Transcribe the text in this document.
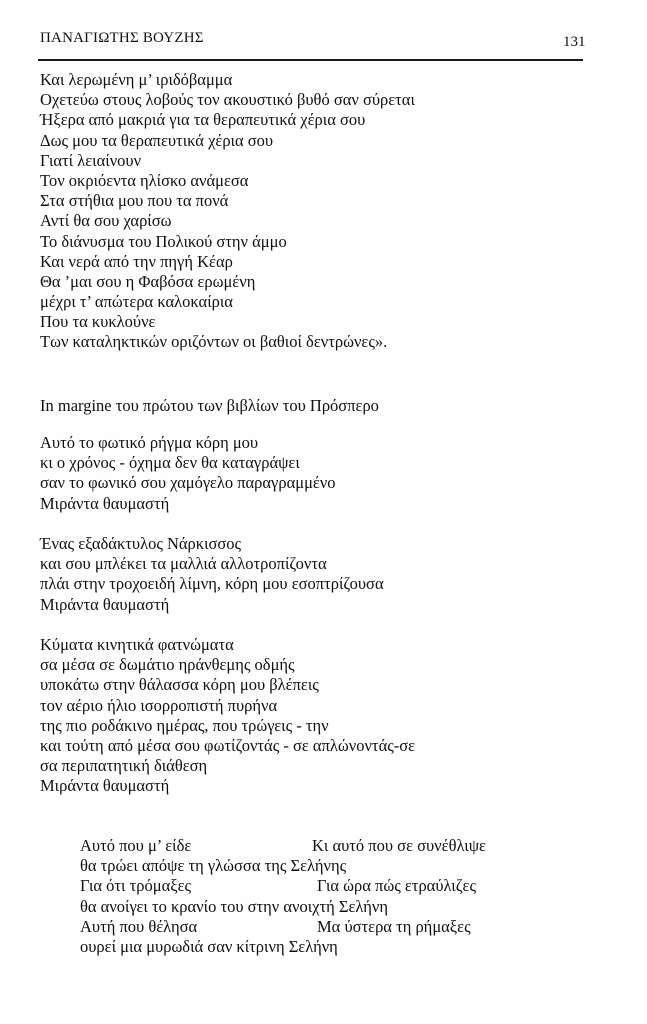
ΠΑΝΑΓΙΩΤΗΣ ΒΟΥΖΗΣ	131
Και λερωμένη μ’ ιριδόβαμμα
Οχετεύω στους λοβούς τον ακουστικό βυθό σαν σύρεται
Ήξερα από μακριά για τα θεραπευτικά χέρια σου
Δως μου τα θεραπευτικά χέρια σου
Γιατί λειαίνουν
Τον οκριόεντα ηλίσκο ανάμεσα
Στα στήθια μου που τα πονά
Αντί θα σου χαρίσω
Το διάνυσμα του Πολικού στην άμμο
Και νερά από την πηγή Κέαρ
Θα ’μαι σου η Φαβόσα ερωμένη
μέχρι τ’ απώτερα καλοκαίρια
Που τα κυκλούνε
Των καταληκτικών οριζόντων οι βαθιοί δεντρώνες».
In margine του πρώτου των βιβλίων του Πρόσπερο
Αυτό το φωτικό ρήγμα κόρη μου
κι ο χρόνος - όχημα δεν θα καταγράψει
σαν το φωνικό σου χαμόγελο παραγραμμένο
Μιράντα θαυμαστή
Ένας εξαδάκτυλος Νάρκισσος
και σου μπλέκει τα μαλλιά αλλοτροπίζοντα
πλάι στην τροχοειδή λίμνη, κόρη μου εσοπτρίζουσα
Μιράντα θαυμαστή
Κύματα κινητικά φατνώματα
σα μέσα σε δωμάτιο ηράνθεμης οδμής
υποκάτω στην θάλασσα κόρη μου βλέπεις
τον αέριο ήλιο ισορροπιστή πυρήνα
της πιο ροδάκινο ημέρας, που τρώγεις - την
και τούτη από μέσα σου φωτίζοντάς - σε απλώνοντάς-σε
σα περιπατητική διάθεση
Μιράντα θαυμαστή
Αυτό που μ’ είδε	Κι αυτό που σε συνέθλιψε
θα τρώει απόψε τη γλώσσα της Σελήνης
Για ότι τρόμαξες	Για ώρα πώς ετραύλιζες
θα ανοίγει το κρανίο του στην ανοιχτή Σελήνη
Αυτή που θέλησα	Μα ύστερα τη ρήμαξες
ουρεί μια μυρωδιά σαν κίτρινη Σελήνη
